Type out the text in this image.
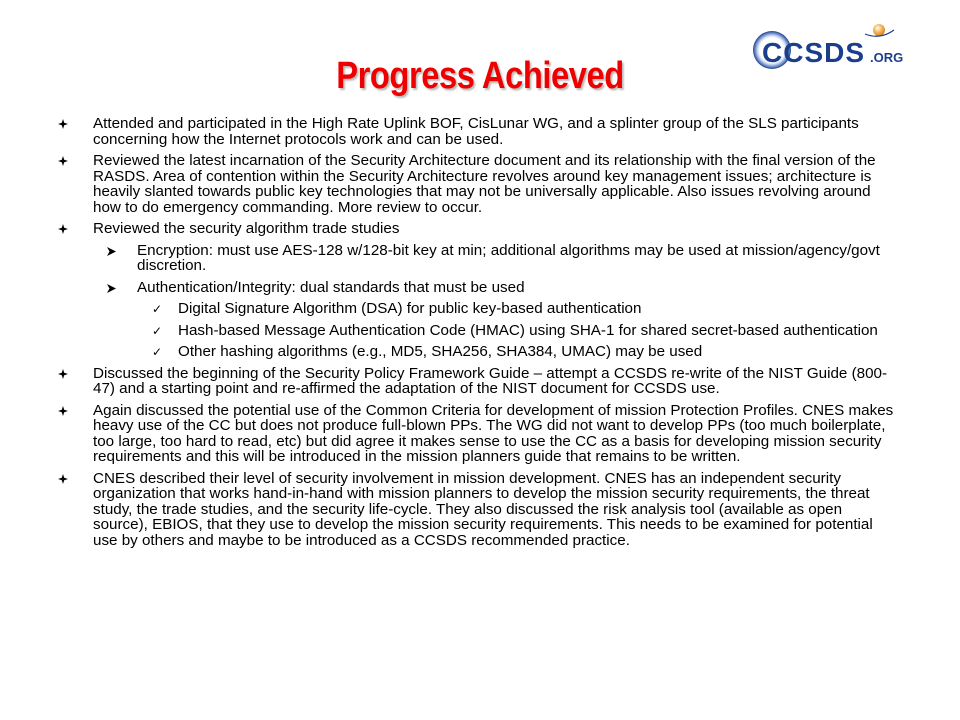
Progress Achieved
CCSDS .ORG
Attended and participated in the High Rate Uplink BOF, CisLunar WG, and a splinter group of the SLS participants concerning how the Internet protocols work and can be used.
Reviewed the latest incarnation of the Security Architecture document and its relationship with the final version of the RASDS. Area of contention within the Security Architecture revolves around key management issues; architecture is heavily slanted towards public key technologies that may not be universally applicable. Also issues revolving around how to do emergency commanding. More review to occur.
Reviewed the security algorithm trade studies
Encryption: must use AES-128 w/128-bit key at min; additional algorithms may be used at mission/agency/govt discretion.
Authentication/Integrity: dual standards that must be used
✓ Digital Signature Algorithm (DSA) for public key-based authentication
✓ Hash-based Message Authentication Code (HMAC) using SHA-1 for shared secret-based authentication
✓ Other hashing algorithms (e.g., MD5, SHA256, SHA384, UMAC) may be used
Discussed the beginning of the Security Policy Framework Guide – attempt a CCSDS re-write of the NIST Guide (800-47) and a starting point and re-affirmed the adaptation of the NIST document for CCSDS use.
Again discussed the potential use of the Common Criteria for development of mission Protection Profiles. CNES makes heavy use of the CC but does not produce full-blown PPs. The WG did not want to develop PPs (too much boilerplate, too large, too hard to read, etc) but did agree it makes sense to use the CC as a basis for developing mission security requirements and this will be introduced in the mission planners guide that remains to be written.
CNES described their level of security involvement in mission development. CNES has an independent security organization that works hand-in-hand with mission planners to develop the mission security requirements, the threat study, the trade studies, and the security life-cycle. They also discussed the risk analysis tool (available as open source), EBIOS, that they use to develop the mission security requirements. This needs to be examined for potential use by others and maybe to be introduced as a CCSDS recommended practice.
